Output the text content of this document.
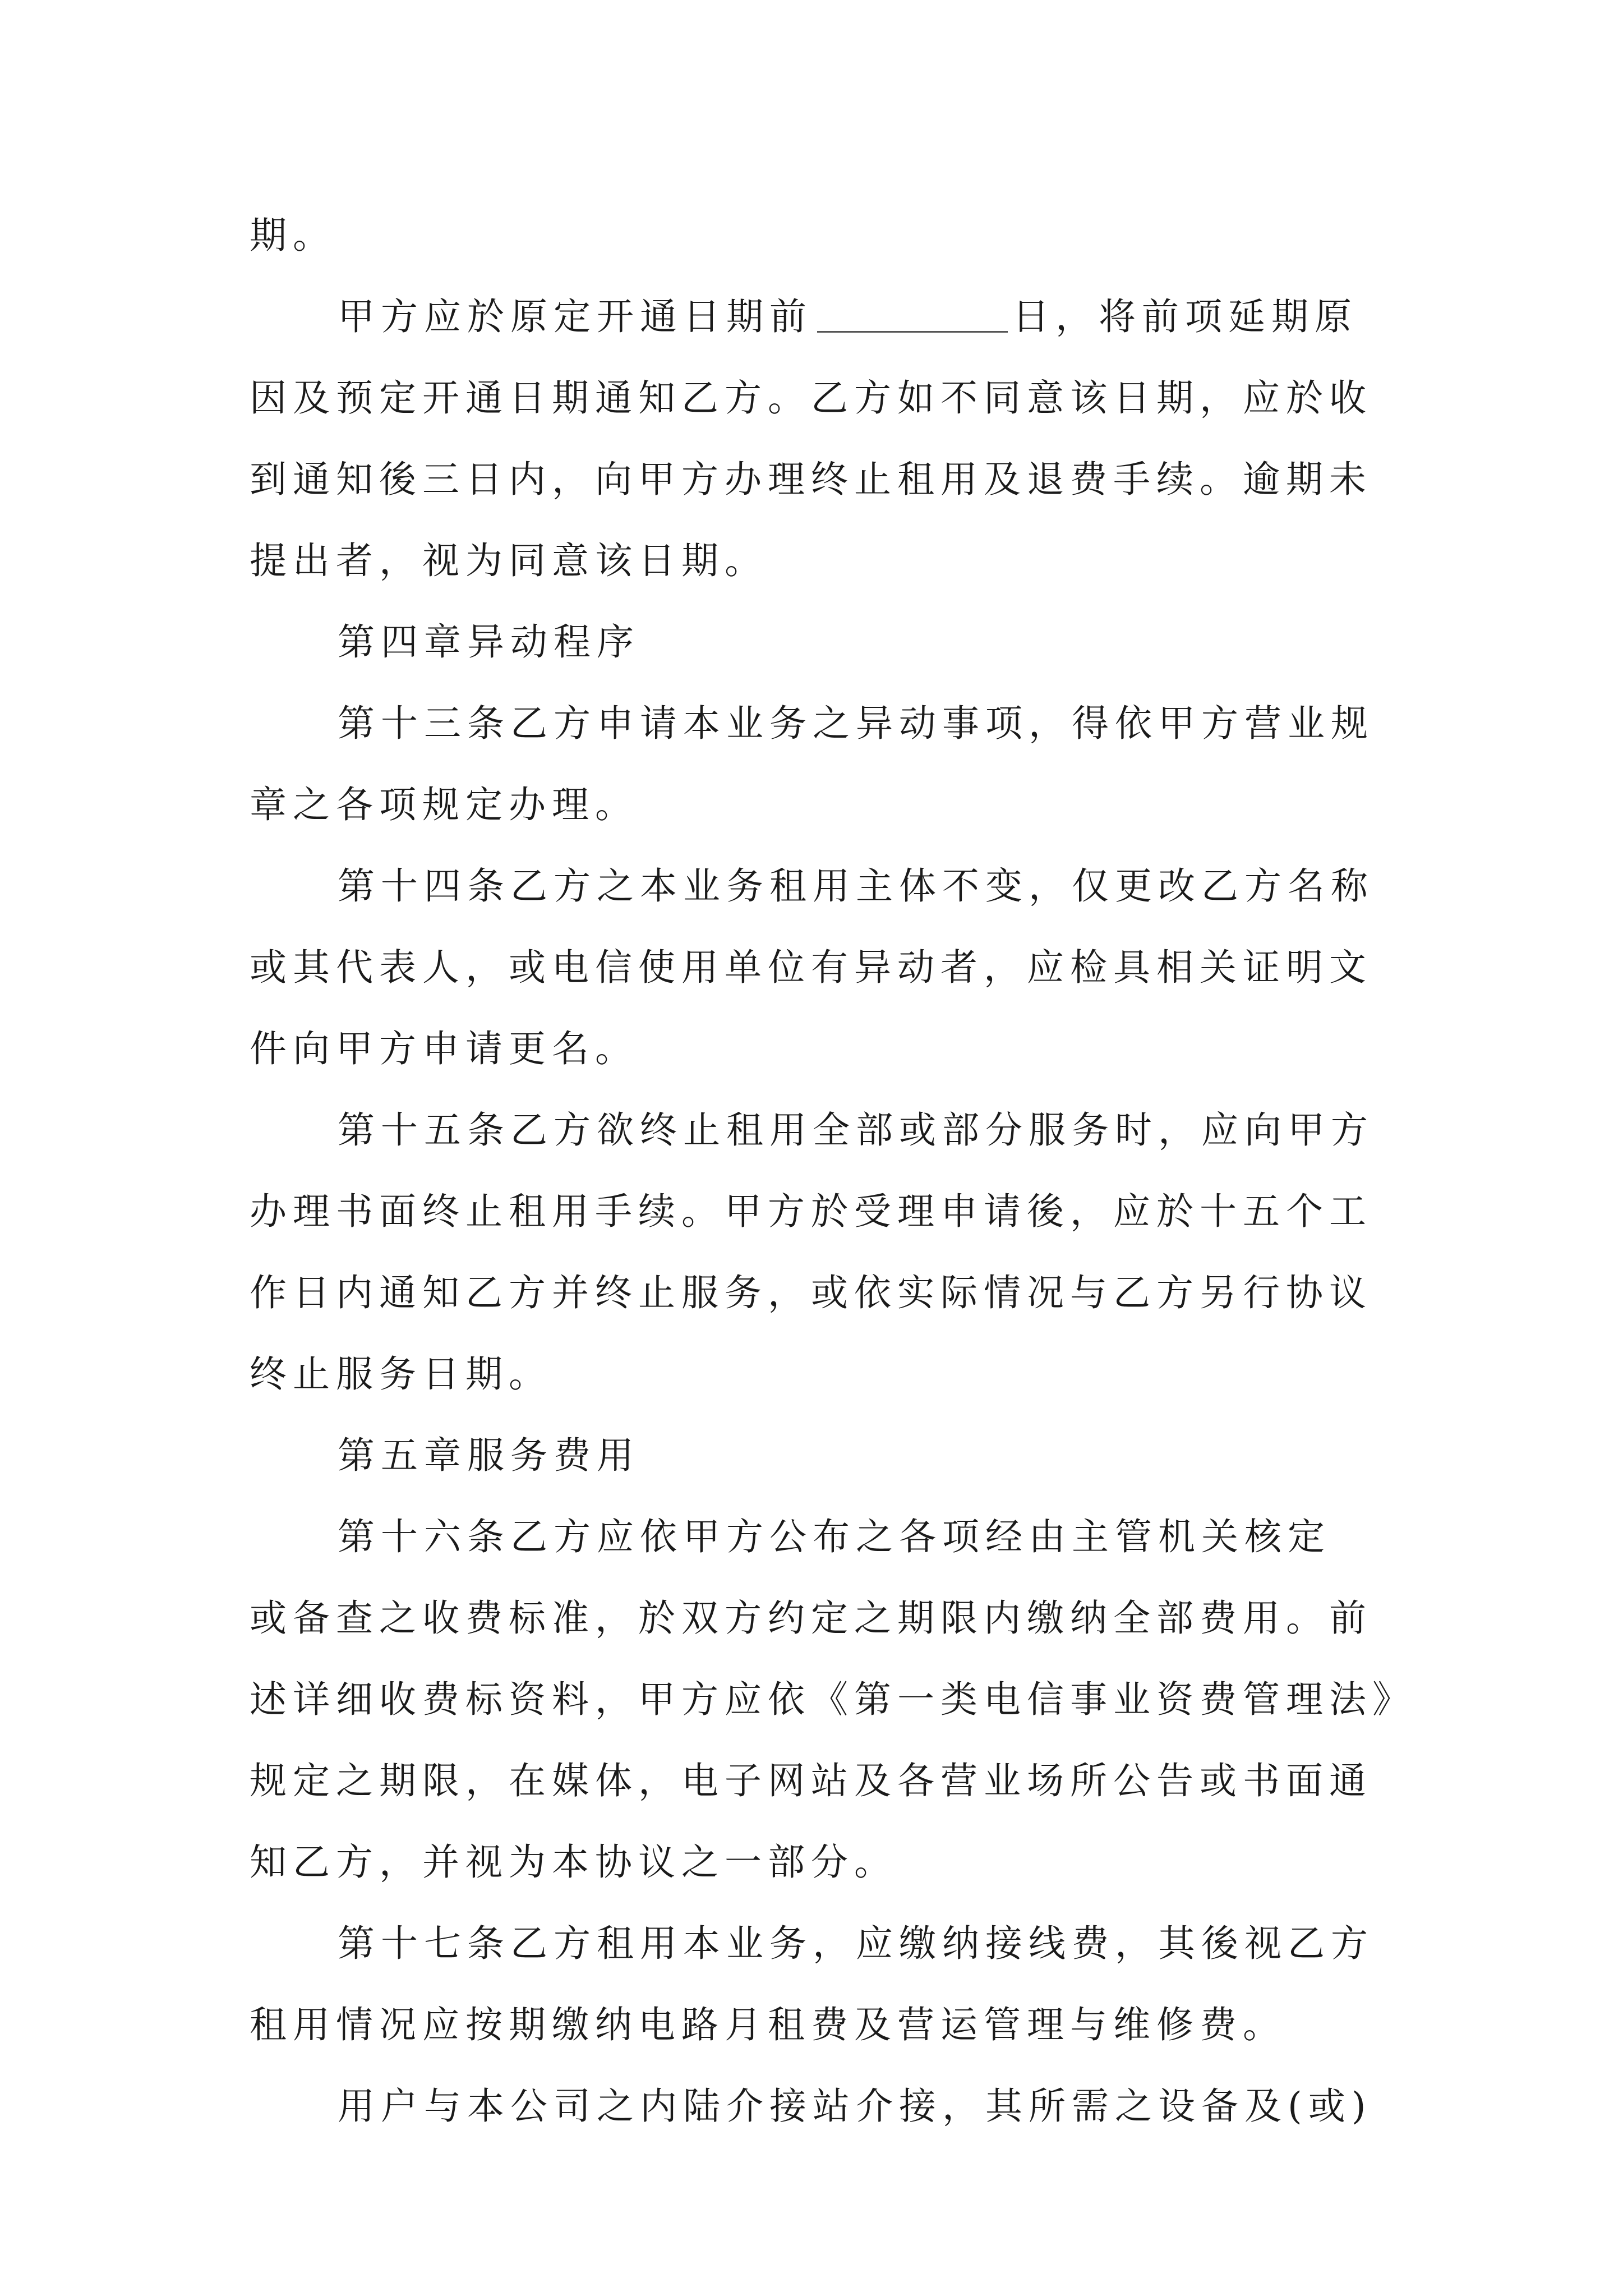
期。
甲方应於原定开通日期前	日，将前项延期原
因及预定开通日期通知乙方。乙方如不同意该日期，应於收
到通知後三日内，向甲方办理终止租用及退费手续。逾期未
提出者，视为同意该日期。
第四章异动程序
第十三条乙方申请本业务之异动事项，得依甲方营业规
章之各项规定办理。
第十四条乙方之本业务租用主体不变，仅更改乙方名称
或其代表人，或电信使用单位有异动者，应检具相关证明文
件向甲方申请更名。
第十五条乙方欲终止租用全部或部分服务时，应向甲方
办理书面终止租用手续。甲方於受理申请後，应於十五个工
作日内通知乙方并终止服务，或依实际情况与乙方另行协议
终止服务日期。
第五章服务费用
第十六条乙方应依甲方公布之各项经由主管机关核定
或备查之收费标准，於双方约定之期限内缴纳全部费用。前
述详细收费标资料，甲方应依《第一类电信事业资费管理法》
规定之期限，在媒体，电子网站及各营业场所公告或书面通
知乙方，并视为本协议之一部分。
第十七条乙方租用本业务，应缴纳接线费，其後视乙方
租用情况应按期缴纳电路月租费及营运管理与维修费。
用户与本公司之内陆介接站介接，其所需之设备及(或)
